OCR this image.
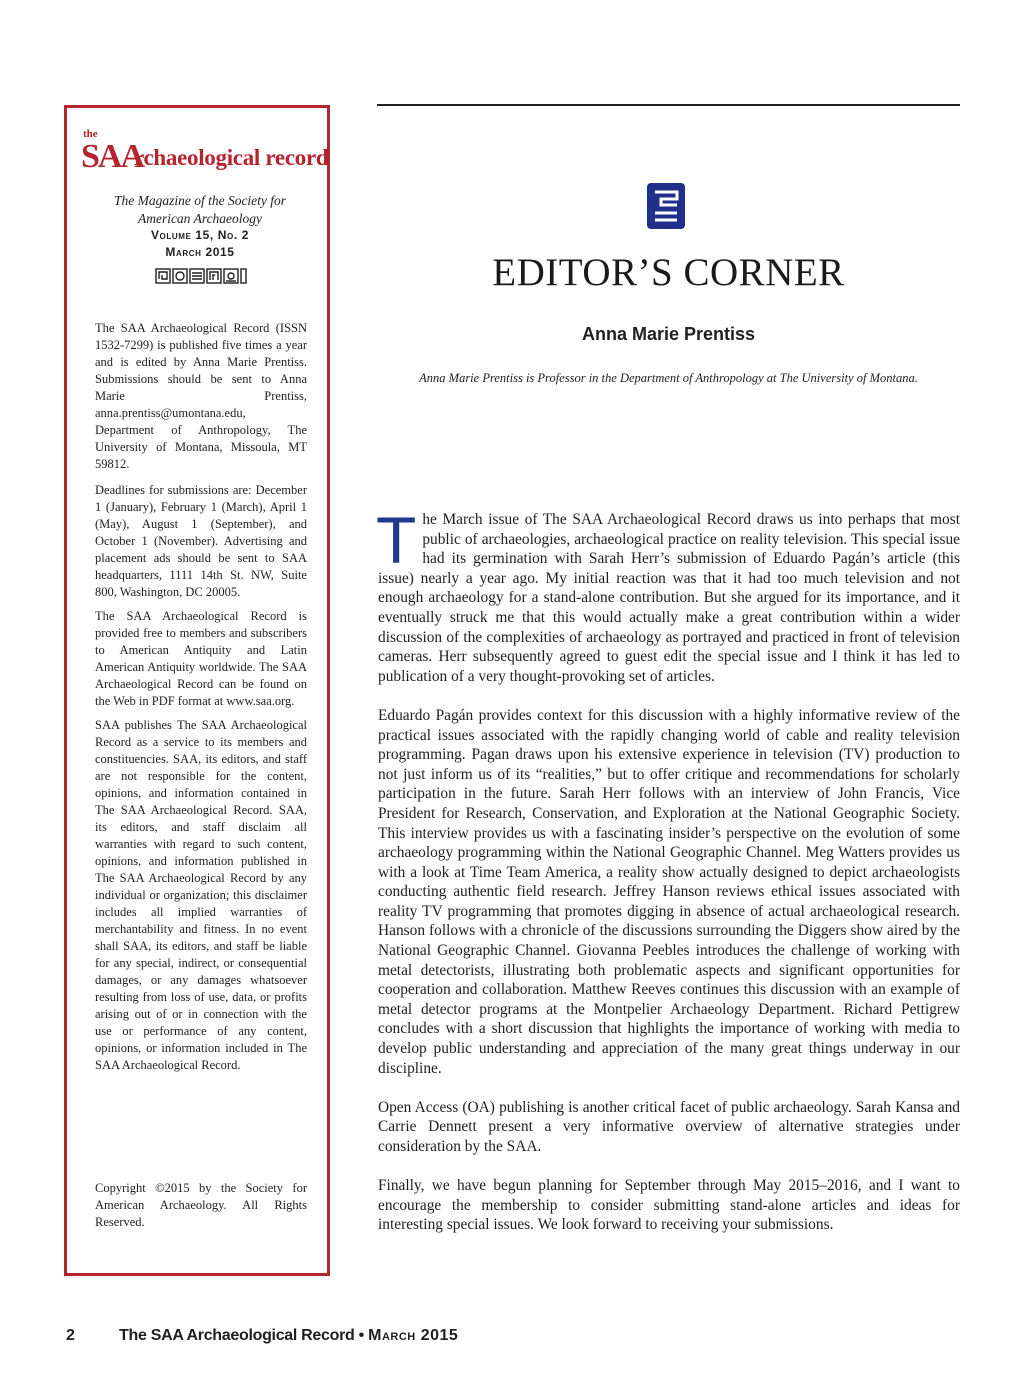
the
SAA
rchaeological record
The Magazine of the Society for
American Archaeology
Volume 15, No. 2
March 2015
The SAA Archaeological Record (ISSN 1532-7299) is published five times a year and is edited by Anna Marie Prentiss. Submissions should be sent to Anna Marie Prentiss, anna.prentiss@umontana.edu, Department of Anthropology, The University of Montana, Missoula, MT 59812.

Deadlines for submissions are: December 1 (January), February 1 (March), April 1 (May), August 1 (September), and October 1 (November). Advertising and placement ads should be sent to SAA headquarters, 1111 14th St. NW, Suite 800, Washington, DC 20005.

The SAA Archaeological Record is provided free to members and subscribers to American Antiquity and Latin American Antiquity worldwide. The SAA Archaeological Record can be found on the Web in PDF format at www.saa.org.

SAA publishes The SAA Archaeological Record as a service to its members and constituencies. SAA, its editors, and staff are not responsible for the content, opinions, and information contained in The SAA Archaeological Record. SAA, its editors, and staff disclaim all warranties with regard to such content, opinions, and information published in The SAA Archaeological Record by any individual or organization; this disclaimer includes all implied warranties of merchantability and fitness. In no event shall SAA, its editors, and staff be liable for any special, indirect, or consequential damages, or any damages whatsoever resulting from loss of use, data, or profits arising out of or in connection with the use or performance of any content, opinions, or information included in The SAA Archaeological Record.

Copyright ©2015 by the Society for American Archaeology. All Rights Reserved.
EDITOR’S CORNER
Anna Marie Prentiss
Anna Marie Prentiss is Professor in the Department of Anthropology at The University of Montana.

The March issue of The SAA Archaeological Record draws us into perhaps that most public of archaeologies, archaeological practice on reality television. This special issue had its germination with Sarah Herr’s submission of Eduardo Pagán’s article (this issue) nearly a year ago. My initial reaction was that it had too much television and not enough archaeology for a stand-alone contribution. But she argued for its importance, and it eventually struck me that this would actually make a great contribution within a wider discussion of the complexities of archaeology as portrayed and practiced in front of television cameras. Herr subsequently agreed to guest edit the special issue and I think it has led to publication of a very thought-provoking set of articles.

Eduardo Pagán provides context for this discussion with a highly informative review of the practical issues associated with the rapidly changing world of cable and reality television programming. Pagan draws upon his extensive experience in television (TV) production to not just inform us of its “realities,” but to offer critique and recommendations for scholarly participation in the future. Sarah Herr follows with an interview of John Francis, Vice President for Research, Conservation, and Exploration at the National Geographic Society. This interview provides us with a fascinating insider’s perspective on the evolution of some archaeology programming within the National Geographic Channel. Meg Watters provides us with a look at Time Team America, a reality show actually designed to depict archaeologists conducting authentic field research. Jeffrey Hanson reviews ethical issues associated with reality TV programming that promotes digging in absence of actual archaeological research. Hanson follows with a chronicle of the discussions surrounding the Diggers show aired by the National Geographic Channel. Giovanna Peebles introduces the challenge of working with metal detectorists, illustrating both problematic aspects and significant opportunities for cooperation and collaboration. Matthew Reeves continues this discussion with an example of metal detector programs at the Montpelier Archaeology Department. Richard Pettigrew concludes with a short discussion that highlights the importance of working with media to develop public understanding and appreciation of the many great things underway in our discipline.

Open Access (OA) publishing is another critical facet of public archaeology. Sarah Kansa and Carrie Dennett present a very informative overview of alternative strategies under consideration by the SAA.

Finally, we have begun planning for September through May 2015–2016, and I want to encourage the membership to consider submitting stand-alone articles and ideas for interesting special issues. We look forward to receiving your submissions.

2	The SAA Archaeological Record • March 2015
